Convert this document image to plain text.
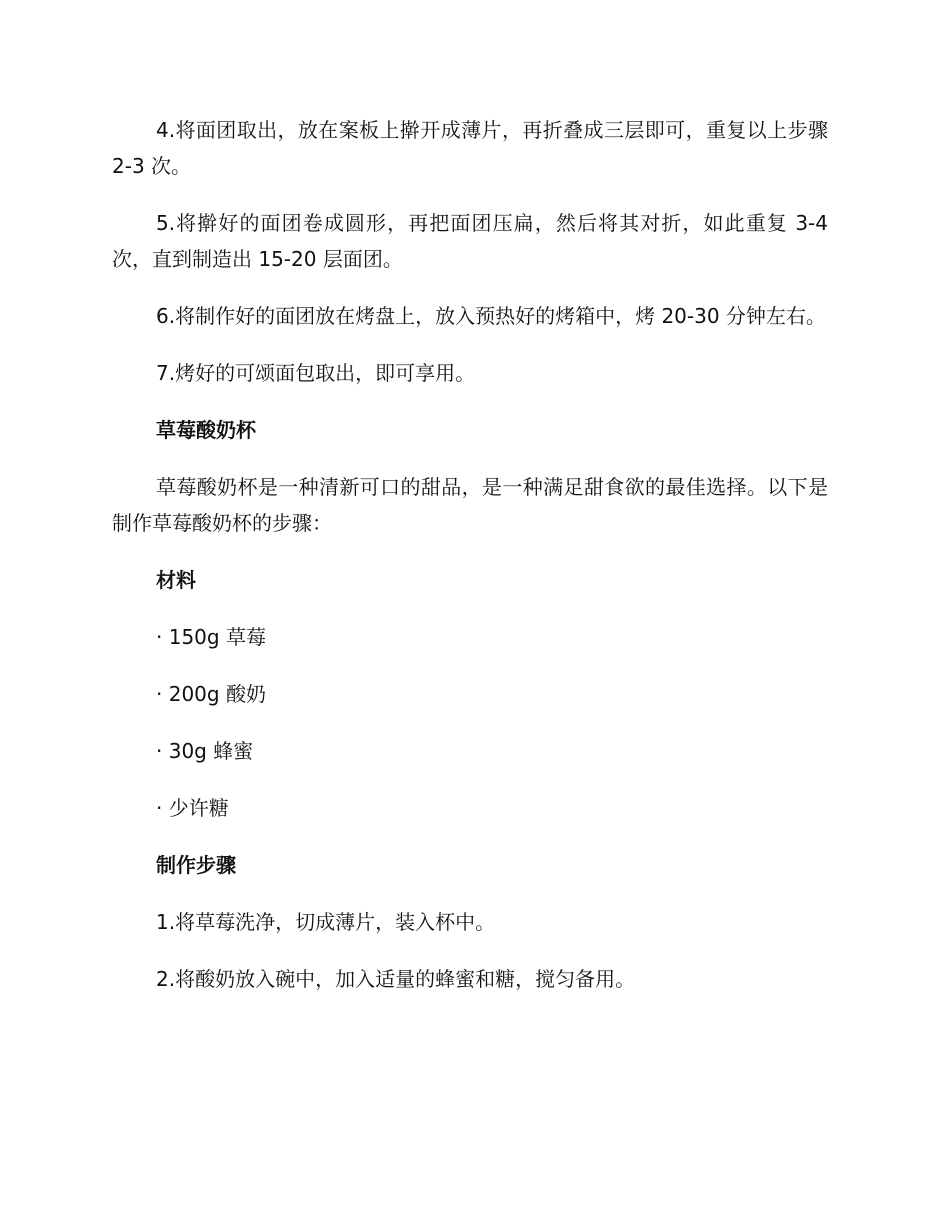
4.将面团取出，放在案板上擀开成薄片，再折叠成三层即可，重复以上步骤 2-3 次。

5.将擀好的面团卷成圆形，再把面团压扁，然后将其对折，如此重复 3-4 次，直到制造出 15-20 层面团。

6.将制作好的面团放在烤盘上，放入预热好的烤箱中，烤 20-30 分钟左右。

7.烤好的可颂面包取出，即可享用。

草莓酸奶杯

草莓酸奶杯是一种清新可口的甜品，是一种满足甜食欲的最佳选择。以下是制作草莓酸奶杯的步骤：

材料

· 150g 草莓

· 200g 酸奶

· 30g 蜂蜜

· 少许糖

制作步骤

1.将草莓洗净，切成薄片，装入杯中。

2.将酸奶放入碗中，加入适量的蜂蜜和糖，搅匀备用。
